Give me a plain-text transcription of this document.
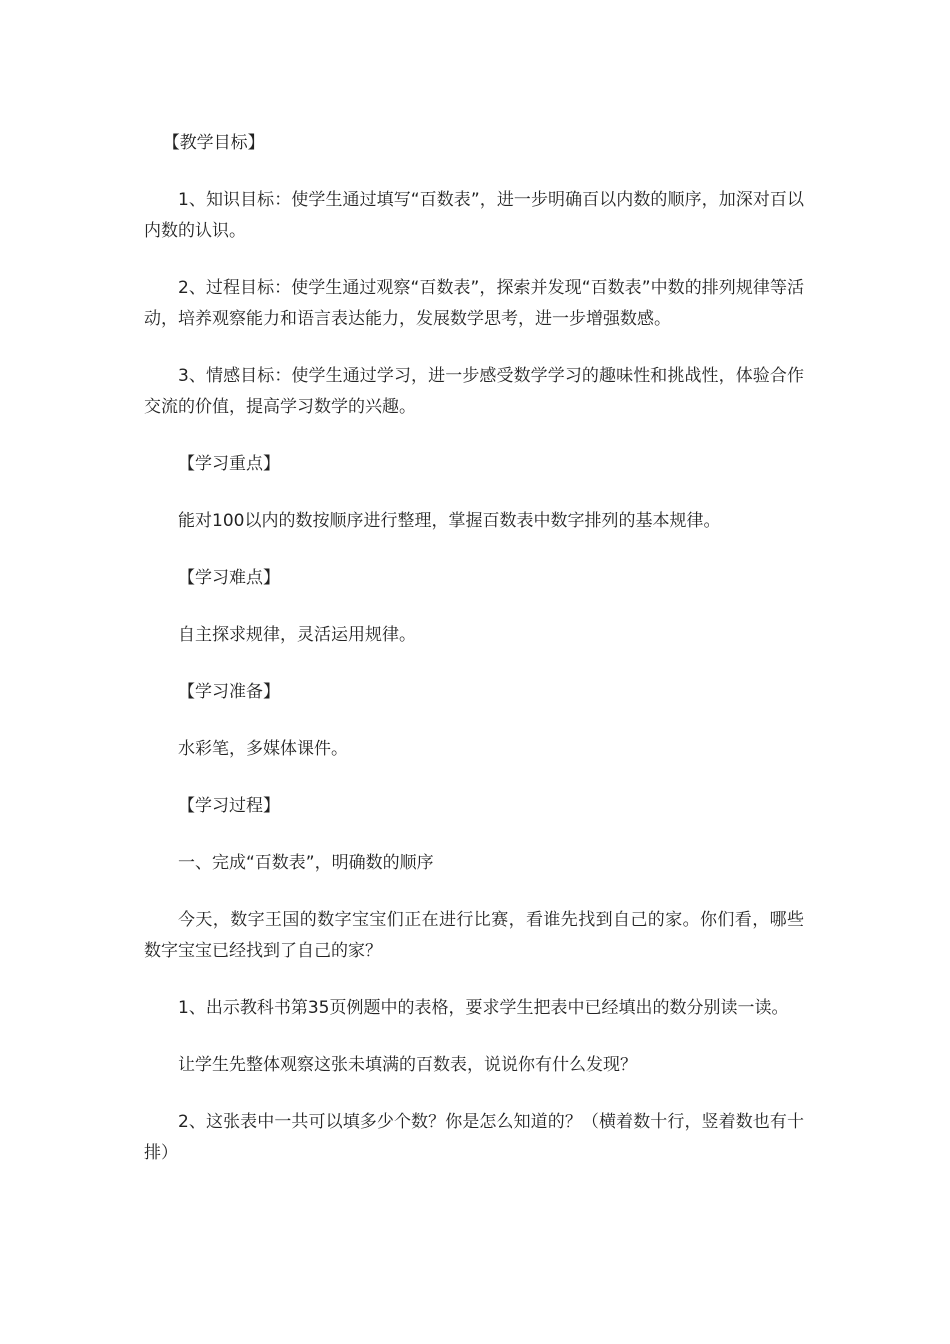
【教学目标】

1、知识目标：使学生通过填写“百数表”，进一步明确百以内数的顺序，加深对百以内数的认识。

2、过程目标：使学生通过观察“百数表”，探索并发现“百数表”中数的排列规律等活动，培养观察能力和语言表达能力，发展数学思考，进一步增强数感。

3、情感目标：使学生通过学习，进一步感受数学学习的趣味性和挑战性，体验合作交流的价值，提高学习数学的兴趣。

【学习重点】

能对100以内的数按顺序进行整理，掌握百数表中数字排列的基本规律。

【学习难点】

自主探求规律，灵活运用规律。

【学习准备】

水彩笔，多媒体课件。

【学习过程】

一、完成“百数表”，明确数的顺序

今天，数字王国的数字宝宝们正在进行比赛，看谁先找到自己的家。你们看，哪些数字宝宝已经找到了自己的家？

1、出示教科书第35页例题中的表格，要求学生把表中已经填出的数分别读一读。

让学生先整体观察这张未填满的百数表，说说你有什么发现？

2、这张表中一共可以填多少个数？你是怎么知道的？（横着数十行，竖着数也有十排）
